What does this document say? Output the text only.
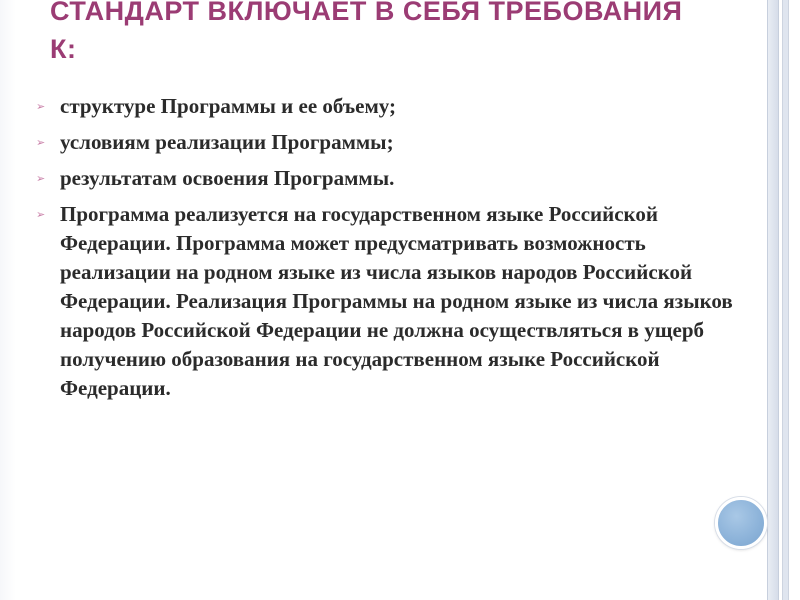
СТАНДАРТ ВКЛЮЧАЕТ В СЕБЯ ТРЕБОВАНИЯ
К:
➢ структуре Программы и ее объему;
➢ условиям реализации Программы;
➢ результатам освоения Программы.
➢ Программа реализуется на государственном языке Российской Федерации. Программа может предусматривать возможность реализации на родном языке из числа языков народов Российской Федерации. Реализация Программы на родном языке из числа языков народов Российской Федерации не должна осуществляться в ущерб получению образования на государственном языке Российской Федерации.
